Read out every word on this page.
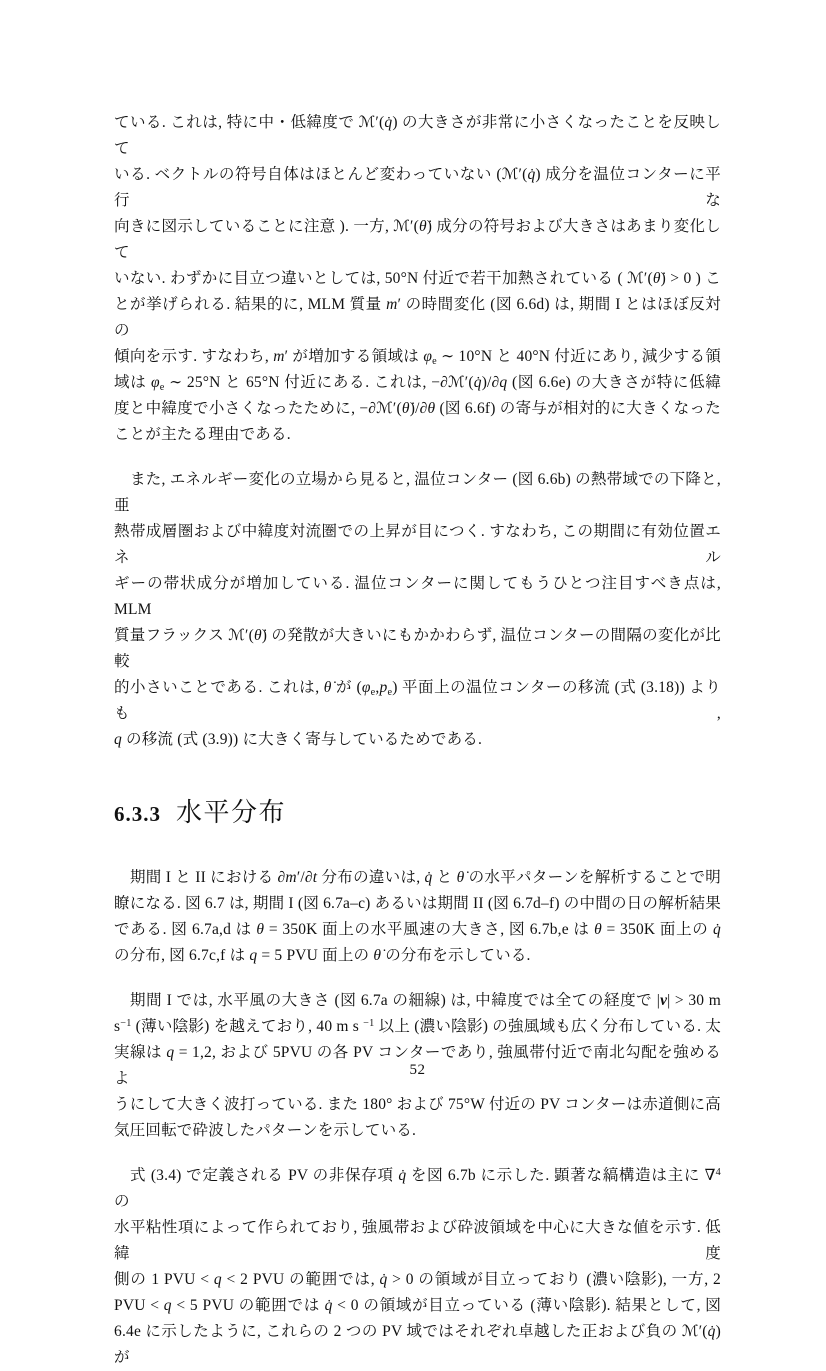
ている. これは, 特に中・低緯度で ℳ′(q̇) の大きさが非常に小さくなったことを反映して
いる. ベクトルの符号自体はほとんど変わっていない (ℳ′(q̇) 成分を温位コンターに平行な
向きに図示していることに注意 ). 一方, ℳ′(θ̇) 成分の符号および大きさはあまり変化して
いない. わずかに目立つ違いとしては, 50°N 付近で若干加熱されている ( ℳ′(θ̇) > 0 ) こ
とが挙げられる. 結果的に, MLM 質量 m′ の時間変化 (図 6.6d) は, 期間 I とはほぼ反対の
傾向を示す. すなわち, m′ が増加する領域は $\varphi_e$ ∼ 10°N と 40°N 付近にあり, 減少する領
域は $\varphi_e$ ∼ 25°N と 65°N 付近にある. これは, −∂ℳ′(q̇)/∂q (図 6.6e) の大きさが特に低緯
度と中緯度で小さくなったために, −∂ℳ′(θ̇)/∂θ (図 6.6f) の寄与が相対的に大きくなった
ことが主たる理由である.
また, エネルギー変化の立場から見ると, 温位コンター (図 6.6b) の熱帯域での下降と, 亜
熱帯成層圏および中緯度対流圏での上昇が目につく. すなわち, この期間に有効位置エネル
ギーの帯状成分が増加している. 温位コンターに関してもうひとつ注目すべき点は, MLM
質量フラックス ℳ′(θ̇) の発散が大きいにもかかわらず, 温位コンターの間隔の変化が比較
的小さいことである. これは, θ̇ が $(\varphi_e,p_e)$ 平面上の温位コンターの移流 (式 (3.18)) よりも,
q の移流 (式 (3.9)) に大きく寄与しているためである.
6.3.3 水平分布
期間 I と II における ∂m′/∂t 分布の違いは, q̇ と θ̇ の水平パターンを解析することで明
瞭になる. 図 6.7 は, 期間 I (図 6.7a–c) あるいは期間 II (図 6.7d–f) の中間の日の解析結果
である. 図 6.7a,d は θ = 350K 面上の水平風速の大きさ, 図 6.7b,e は θ = 350K 面上の q̇
の分布, 図 6.7c,f は q = 5 PVU 面上の θ̇ の分布を示している.
期間 I では, 水平風の大きさ (図 6.7a の細線) は, 中緯度では全ての経度で |v| > 30 m
$s^{-1}$ (薄い陰影) を越えており, 40 m s $^{-1}$ 以上 (濃い陰影) の強風域も広く分布している. 太
実線は q = 1,2, および 5PVU の各 PV コンターであり, 強風帯付近で南北勾配を強めるよ
うにして大きく波打っている. また 180° および 75°W 付近の PV コンターは赤道側に高
気圧回転で砕波したパターンを示している.
式 (3.4) で定義される PV の非保存項 q̇ を図 6.7b に示した. 顕著な縞構造は主に ∇$^4$ の
水平粘性項によって作られており, 強風帯および砕波領域を中心に大きな値を示す. 低緯度
側の 1 PVU < q < 2 PVU の範囲では, q̇ > 0 の領域が目立っており (濃い陰影), 一方, 2
PVU < q < 5 PVU の範囲では q̇ < 0 の領域が目立っている (薄い陰影). 結果として, 図
6.4e に示したように, これらの 2 つの PV 域ではそれぞれ卓越した正および負の ℳ′(q̇) が
52
